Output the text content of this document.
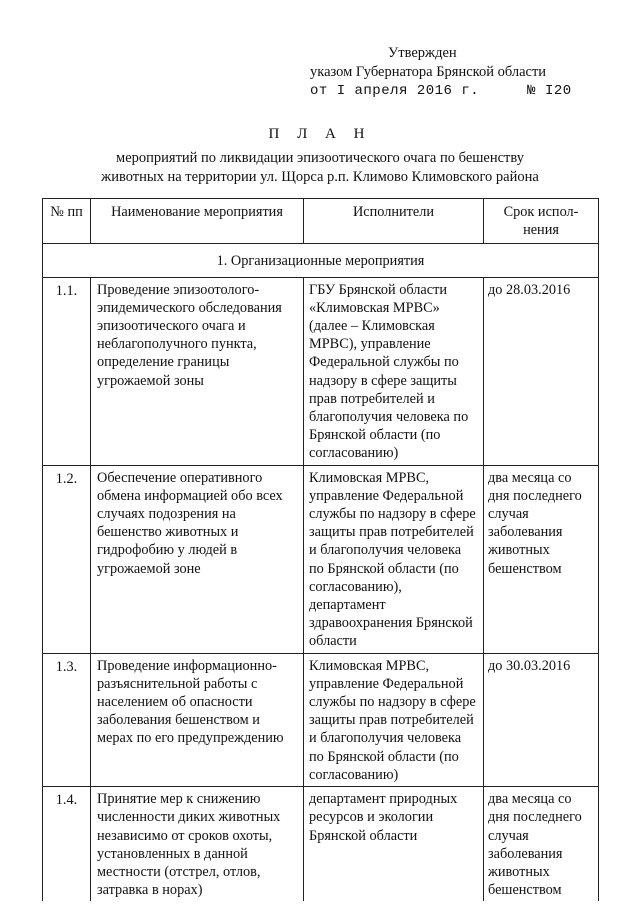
Утвержден
указом Губернатора Брянской области
от I апреля 2016 г.	№ I20
П Л А Н
мероприятий по ликвидации эпизоотического очага по бешенству
животных на территории ул. Щорса р.п. Климово Климовского района
№ пп	Наименование мероприятия	Исполнители	Срок испол-нения
1. Организационные мероприятия			
1.1.	Проведение эпизоотолого-эпидемического обследования эпизоотического очага и неблагополучного пункта, определение границы угрожаемой зоны	ГБУ Брянской области «Климовская МРВС» (далее – Климовская МРВС), управление Федеральной службы по надзору в сфере защиты прав потребителей и благополучия человека по Брянской области (по согласованию)	до 28.03.2016
1.2.	Обеспечение оперативного обмена информацией обо всех случаях подозрения на бешенство животных и гидрофобию у людей в угрожаемой зоне	Климовская МРВС, управление Федеральной службы по надзору в сфере защиты прав потребителей и благополучия человека по Брянской области (по согласованию), департамент здравоохранения Брянской области	два месяца со дня последнего случая заболевания животных бешенством
1.3.	Проведение информационно-разъяснительной работы с населением об опасности заболевания бешенством и мерах по его предупреждению	Климовская МРВС, управление Федеральной службы по надзору в сфере защиты прав потребителей и благополучия человека по Брянской области (по согласованию)	до 30.03.2016
1.4.	Принятие мер к снижению численности диких животных независимо от сроков охоты, установленных в данной местности (отстрел, отлов, затравка в норах)	департамент природных ресурсов и экологии Брянской области	два месяца со дня последнего случая заболевания животных бешенством
